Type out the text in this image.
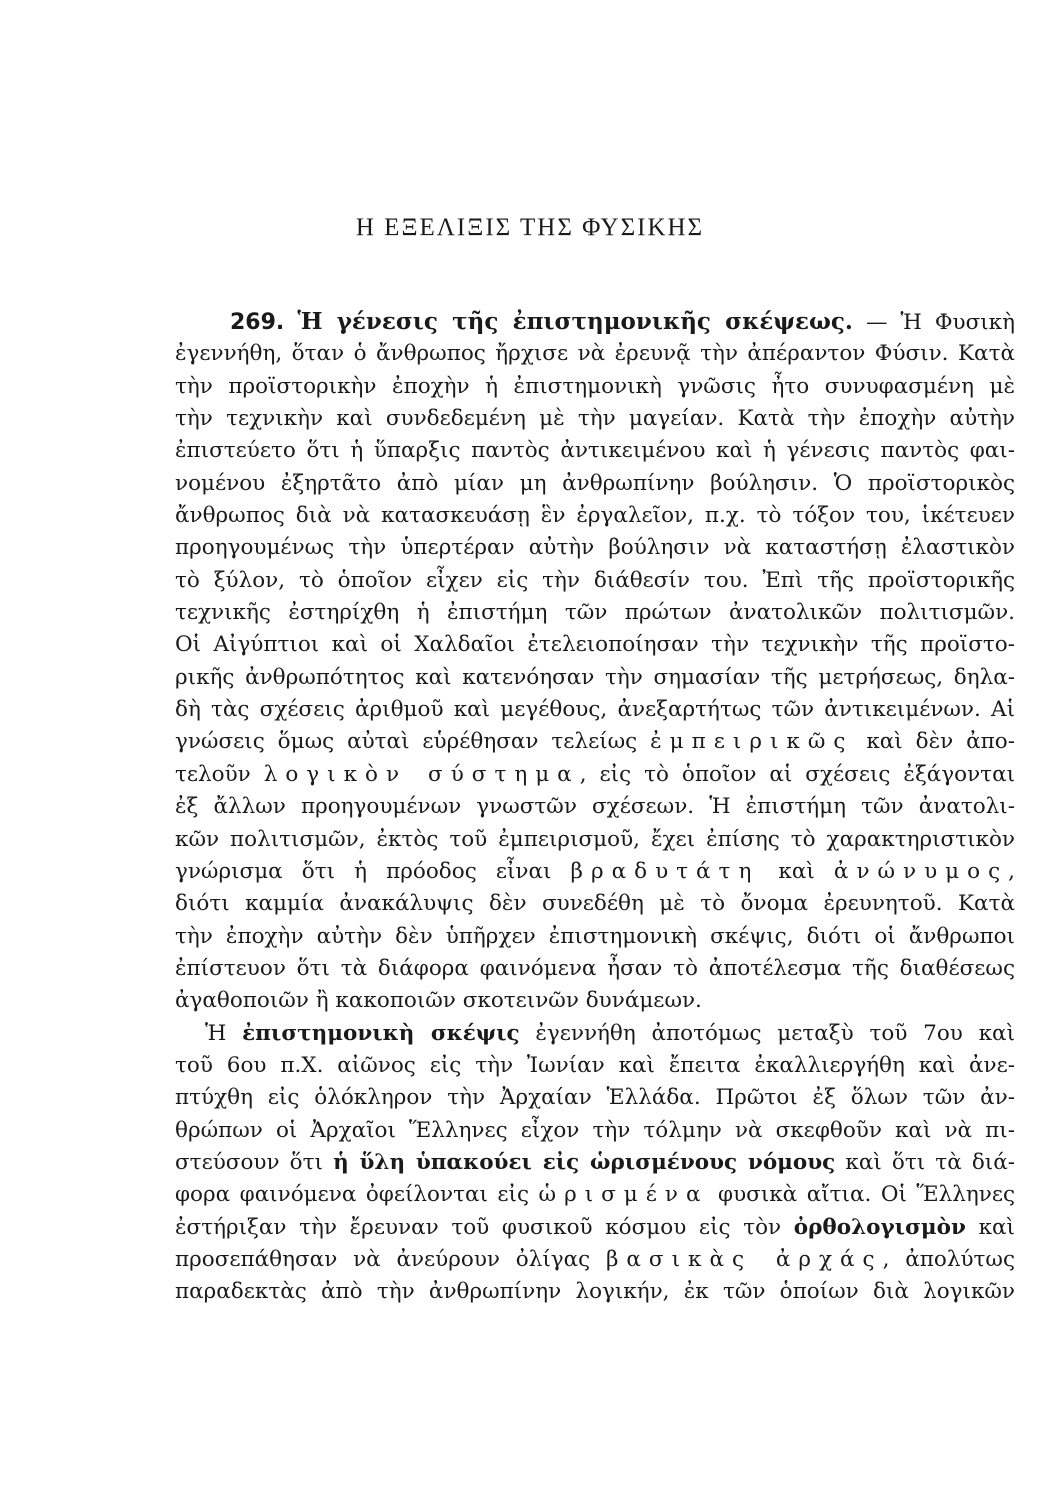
Η ΕΞΕΛΙΞΙΣ ΤΗΣ ΦΥΣΙΚΗΣ
269. Ἡ γένεσις τῆς ἐπιστημονικῆς σκέψεως. — Ἡ Φυσικὴ
ἐγεννήθη, ὅταν ὁ ἄνθρωπος ἤρχισε νὰ ἐρευνᾷ τὴν ἀπέραντον Φύσιν. Κατὰ
τὴν προϊστορικὴν ἐποχὴν ἡ ἐπιστημονικὴ γνῶσις ἦτο συνυφασμένη μὲ
τὴν τεχνικὴν καὶ συνδεδεμένη μὲ τὴν μαγείαν. Κατὰ τὴν ἐποχὴν αὐτὴν
ἐπιστεύετο ὅτι ἡ ὕπαρξις παντὸς ἀντικειμένου καὶ ἡ γένεσις παντὸς φαι-
νομένου ἐξηρτᾶτο ἀπὸ μίαν μη ἀνθρωπίνην βούλησιν. Ὁ προϊστορικὸς
ἄνθρωπος διὰ νὰ κατασκευάσῃ ἓν ἐργαλεῖον, π.χ. τὸ τόξον του, ἱκέτευεν
προηγουμένως τὴν ὑπερτέραν αὐτὴν βούλησιν νὰ καταστήσῃ ἐλαστικὸν
τὸ ξύλον, τὸ ὁποῖον εἶχεν εἰς τὴν διάθεσίν του. Ἐπὶ τῆς προϊστορικῆς
τεχνικῆς ἐστηρίχθη ἡ ἐπιστήμη τῶν πρώτων ἀνατολικῶν πολιτισμῶν.
Οἱ Αἰγύπτιοι καὶ οἱ Χαλδαῖοι ἐτελειοποίησαν τὴν τεχνικὴν τῆς προϊστο-
ρικῆς ἀνθρωπότητος καὶ κατενόησαν τὴν σημασίαν τῆς μετρήσεως, δηλα-
δὴ τὰς σχέσεις ἀριθμοῦ καὶ μεγέθους, ἀνεξαρτήτως τῶν ἀντικειμένων. Αἱ
γνώσεις ὅμως αὐταὶ εὑρέθησαν τελείως ἐμπειρικῶς καὶ δὲν ἀπο-
τελοῦν λογικὸν σύστημα, εἰς τὸ ὁποῖον αἱ σχέσεις ἐξάγονται
ἐξ ἄλλων προηγουμένων γνωστῶν σχέσεων. Ἡ ἐπιστήμη τῶν ἀνατολι-
κῶν πολιτισμῶν, ἐκτὸς τοῦ ἐμπειρισμοῦ, ἔχει ἐπίσης τὸ χαρακτηριστικὸν
γνώρισμα ὅτι ἡ πρόοδος εἶναι βραδυτάτη καὶ ἀνώνυμος,
διότι καμμία ἀνακάλυψις δὲν συνεδέθη μὲ τὸ ὄνομα ἐρευνητοῦ. Κατὰ
τὴν ἐποχὴν αὐτὴν δὲν ὑπῆρχεν ἐπιστημονικὴ σκέψις, διότι οἱ ἄνθρωποι
ἐπίστευον ὅτι τὰ διάφορα φαινόμενα ἦσαν τὸ ἀποτέλεσμα τῆς διαθέσεως
ἀγαθοποιῶν ἢ κακοποιῶν σκοτεινῶν δυνάμεων.
Ἡ ἐπιστημονικὴ σκέψις ἐγεννήθη ἀποτόμως μεταξὺ τοῦ 7ου καὶ
τοῦ 6ου π.Χ. αἰῶνος εἰς τὴν Ἰωνίαν καὶ ἔπειτα ἐκαλλιεργήθη καὶ ἀνε-
πτύχθη εἰς ὁλόκληρον τὴν Ἀρχαίαν Ἑλλάδα. Πρῶτοι ἐξ ὅλων τῶν ἀν-
θρώπων οἱ Ἀρχαῖοι Ἕλληνες εἶχον τὴν τόλμην νὰ σκεφθοῦν καὶ νὰ πι-
στεύσουν ὅτι ἡ ὕλη ὑπακούει εἰς ὡρισμένους νόμους καὶ ὅτι τὰ διά-
φορα φαινόμενα ὀφείλονται εἰς ὡρισμένα φυσικὰ αἴτια. Οἱ Ἕλληνες
ἐστήριξαν τὴν ἔρευναν τοῦ φυσικοῦ κόσμου εἰς τὸν ὀρθολογισμὸν καὶ
προσεπάθησαν νὰ ἀνεύρουν ὀλίγας βασικὰς ἀρχάς, ἀπολύτως
παραδεκτὰς ἀπὸ τὴν ἀνθρωπίνην λογικήν, ἐκ τῶν ὁποίων διὰ λογικῶν
